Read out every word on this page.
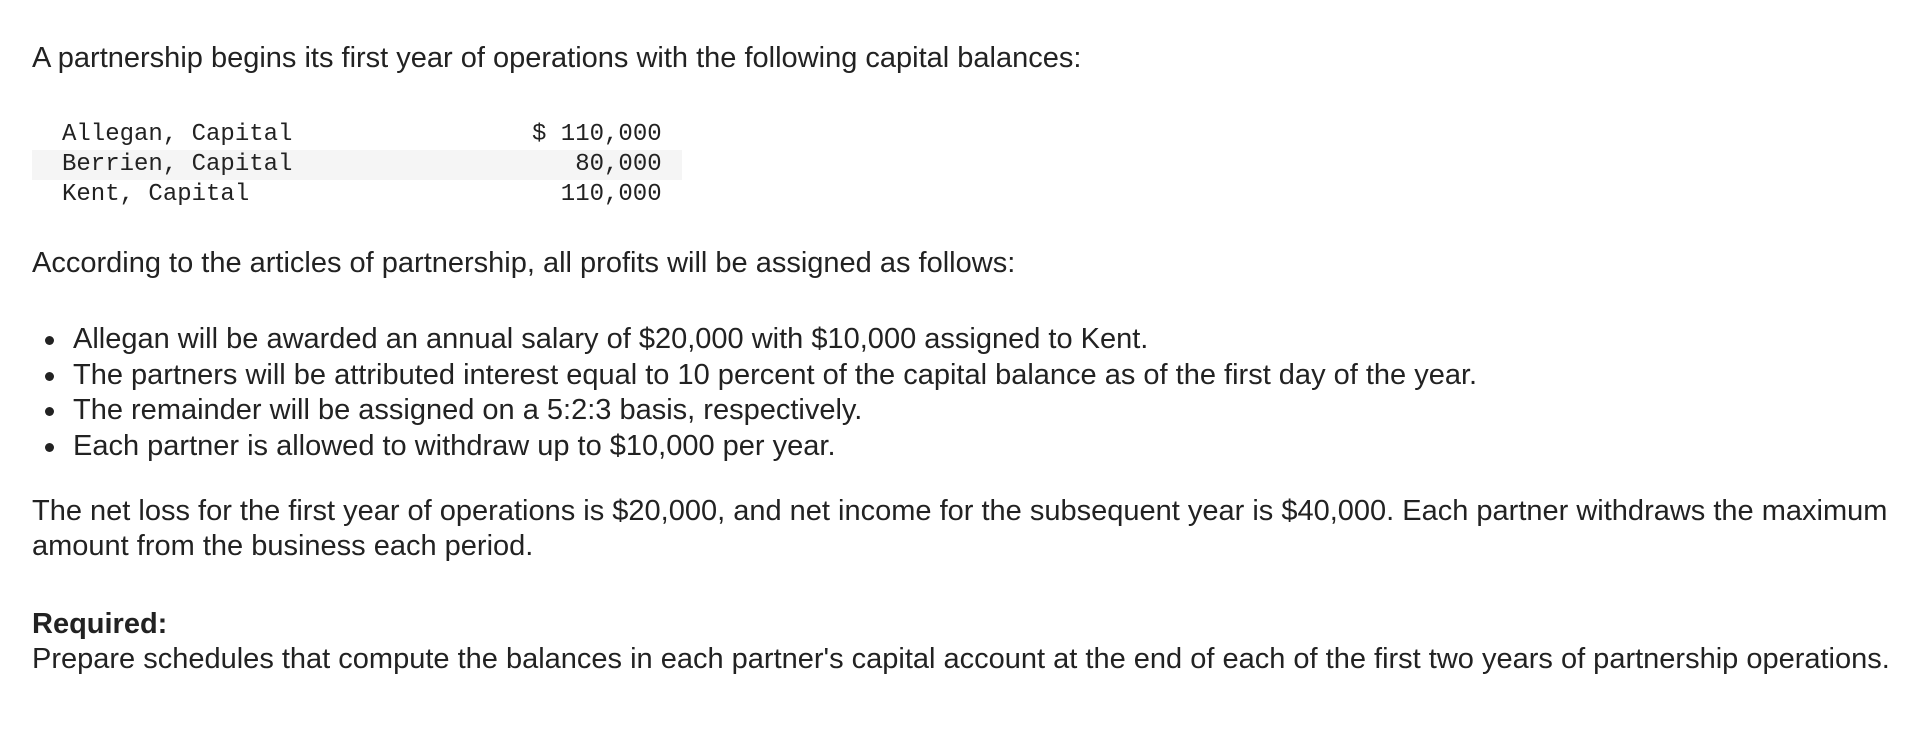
A partnership begins its first year of operations with the following capital balances:

Allegan, Capital	$ 110,000
Berrien, Capital	80,000
Kent, Capital	110,000

According to the articles of partnership, all profits will be assigned as follows:

Allegan will be awarded an annual salary of $20,000 with $10,000 assigned to Kent.
The partners will be attributed interest equal to 10 percent of the capital balance as of the first day of the year.
The remainder will be assigned on a 5:2:3 basis, respectively.
Each partner is allowed to withdraw up to $10,000 per year.

The net loss for the first year of operations is $20,000, and net income for the subsequent year is $40,000. Each partner withdraws the maximum amount from the business each period.

Required:

Prepare schedules that compute the balances in each partner's capital account at the end of each of the first two years of partnership operations.
